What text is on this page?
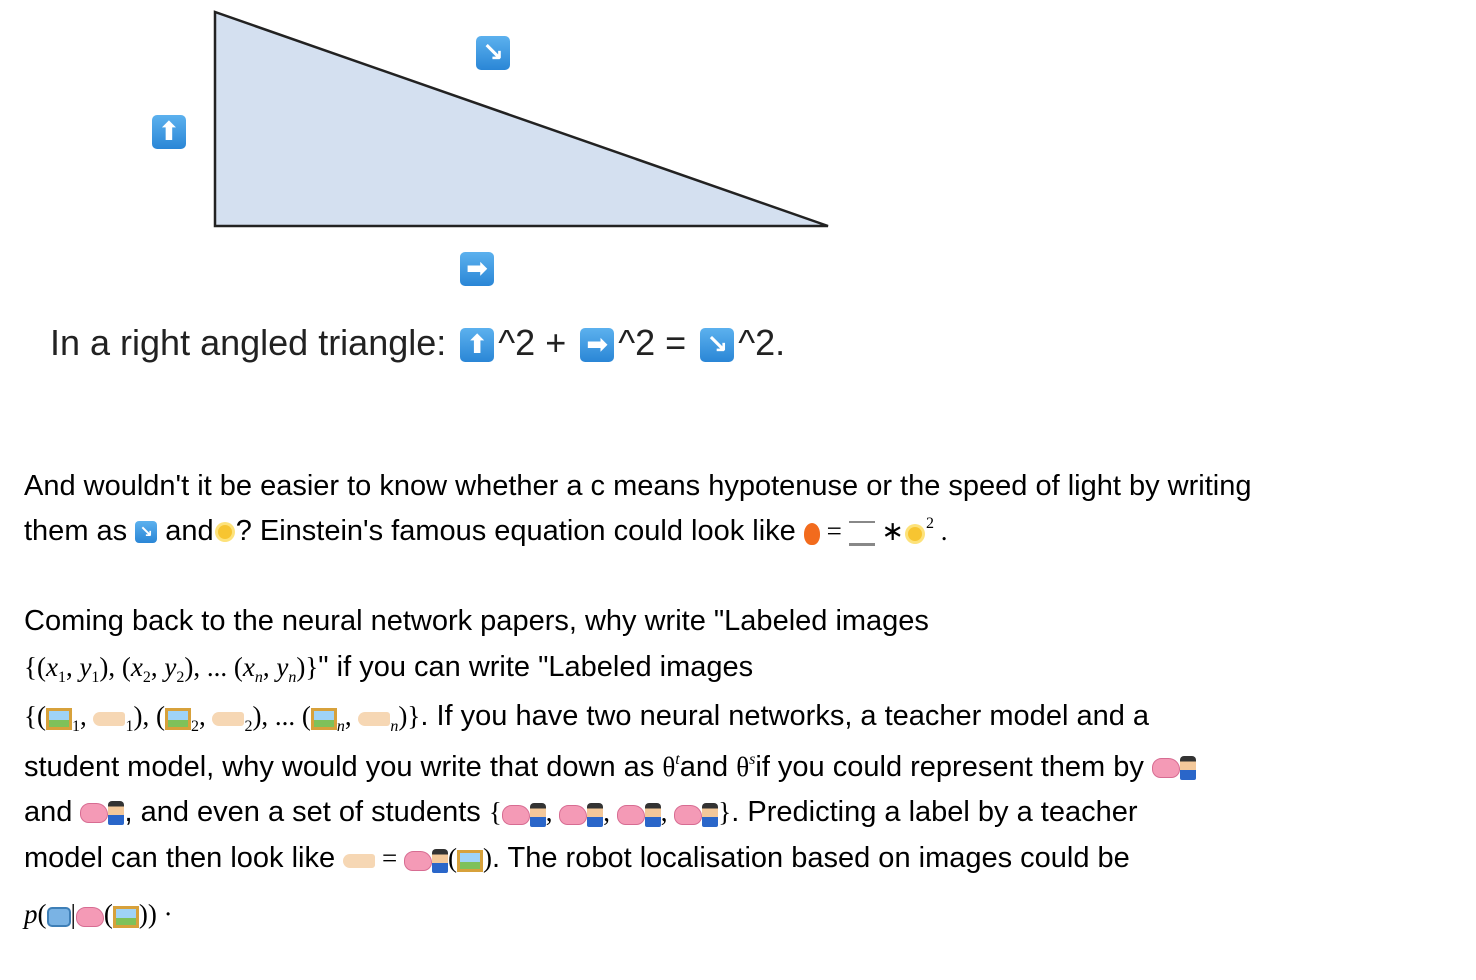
⬆
↘
➡
In a right angled triangle: ⬆ ^2 + ➡ ^2 = ↘ ^2.
And wouldn't it be easier to know whether a c means hypotenuse or the speed of light by writing
them as ↘ and ? Einstein's famous equation could look like  =  ∗ $^2$ .
Coming back to the neural network papers, why write "Labeled images
{($x_1$, $y_1$), ($x_2$, $y_2$), ... ($x_n$, $y_n$)}" if you can write "Labeled images
{( $_1$, $_1$), ( $_2$, $_2$), ... ( $_n$, $_n$)}. If you have two neural networks, a teacher model and a
student model, why would you write that down as $\theta^tand$ $\theta^sif$ you could represent them by
and , and even a set of students { , , , }. Predicting a label by a teacher
model can then look like  = ( ). The robot localisation based on images could be
p( | ( )) ·
